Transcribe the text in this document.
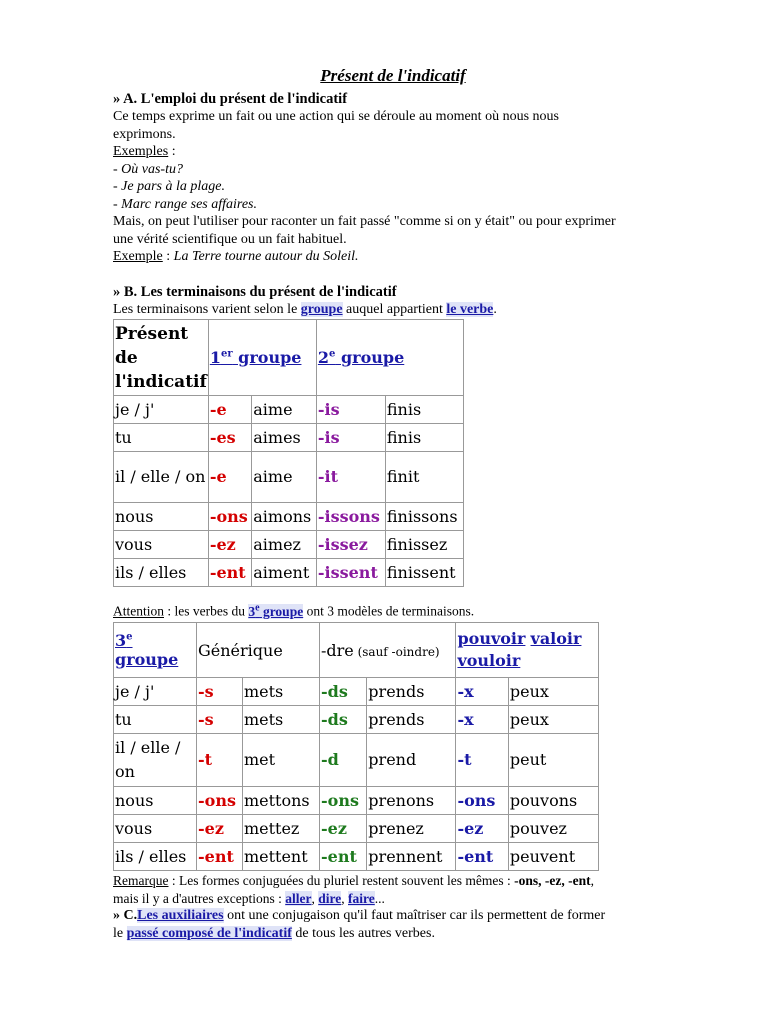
Présent de l'indicatif
» A. L'emploi du présent de l'indicatif
Ce temps exprime un fait ou une action qui se déroule au moment où nous nous
exprimons.
Exemples :
- Où vas-tu?
- Je pars à la plage.
- Marc range ses affaires.
Mais, on peut l'utiliser pour raconter un fait passé "comme si on y était" ou pour exprimer
une vérité scientifique ou un fait habituel.
Exemple : La Terre tourne autour du Soleil.
» B. Les terminaisons du présent de l'indicatif
Les terminaisons varient selon le groupe auquel appartient le verbe.
Présent de l'indicatif	1er groupe		2e groupe	
je / j'	-e	aime	-is	finis
tu	-es	aimes	-is	finis
il / elle / on	-e	aime	-it	finit
nous	-ons	aimons	-issons	finissons
vous	-ez	aimez	-issez	finissez
ils / elles	-ent	aiment	-issent	finissent
Attention : les verbes du 3e groupe ont 3 modèles de terminaisons.
3e groupe	Générique		-dre (sauf -oindre)		pouvoir valoir
vouloir	
je / j'	-s	mets	-ds	prends	-x	peux
tu	-s	mets	-ds	prends	-x	peux
il / elle / on	-t	met	-d	prend	-t	peut
nous	-ons	mettons	-ons	prenons	-ons	pouvons
vous	-ez	mettez	-ez	prenez	-ez	pouvez
ils / elles	-ent	mettent	-ent	prennent	-ent	peuvent
Remarque : Les formes conjuguées du pluriel restent souvent les mêmes : -ons, -ez, -ent,
mais il y a d'autres exceptions : aller, dire, faire...
» C.Les auxiliaires ont une conjugaison qu'il faut maîtriser car ils permettent de former
le passé composé de l'indicatif de tous les autres verbes.
